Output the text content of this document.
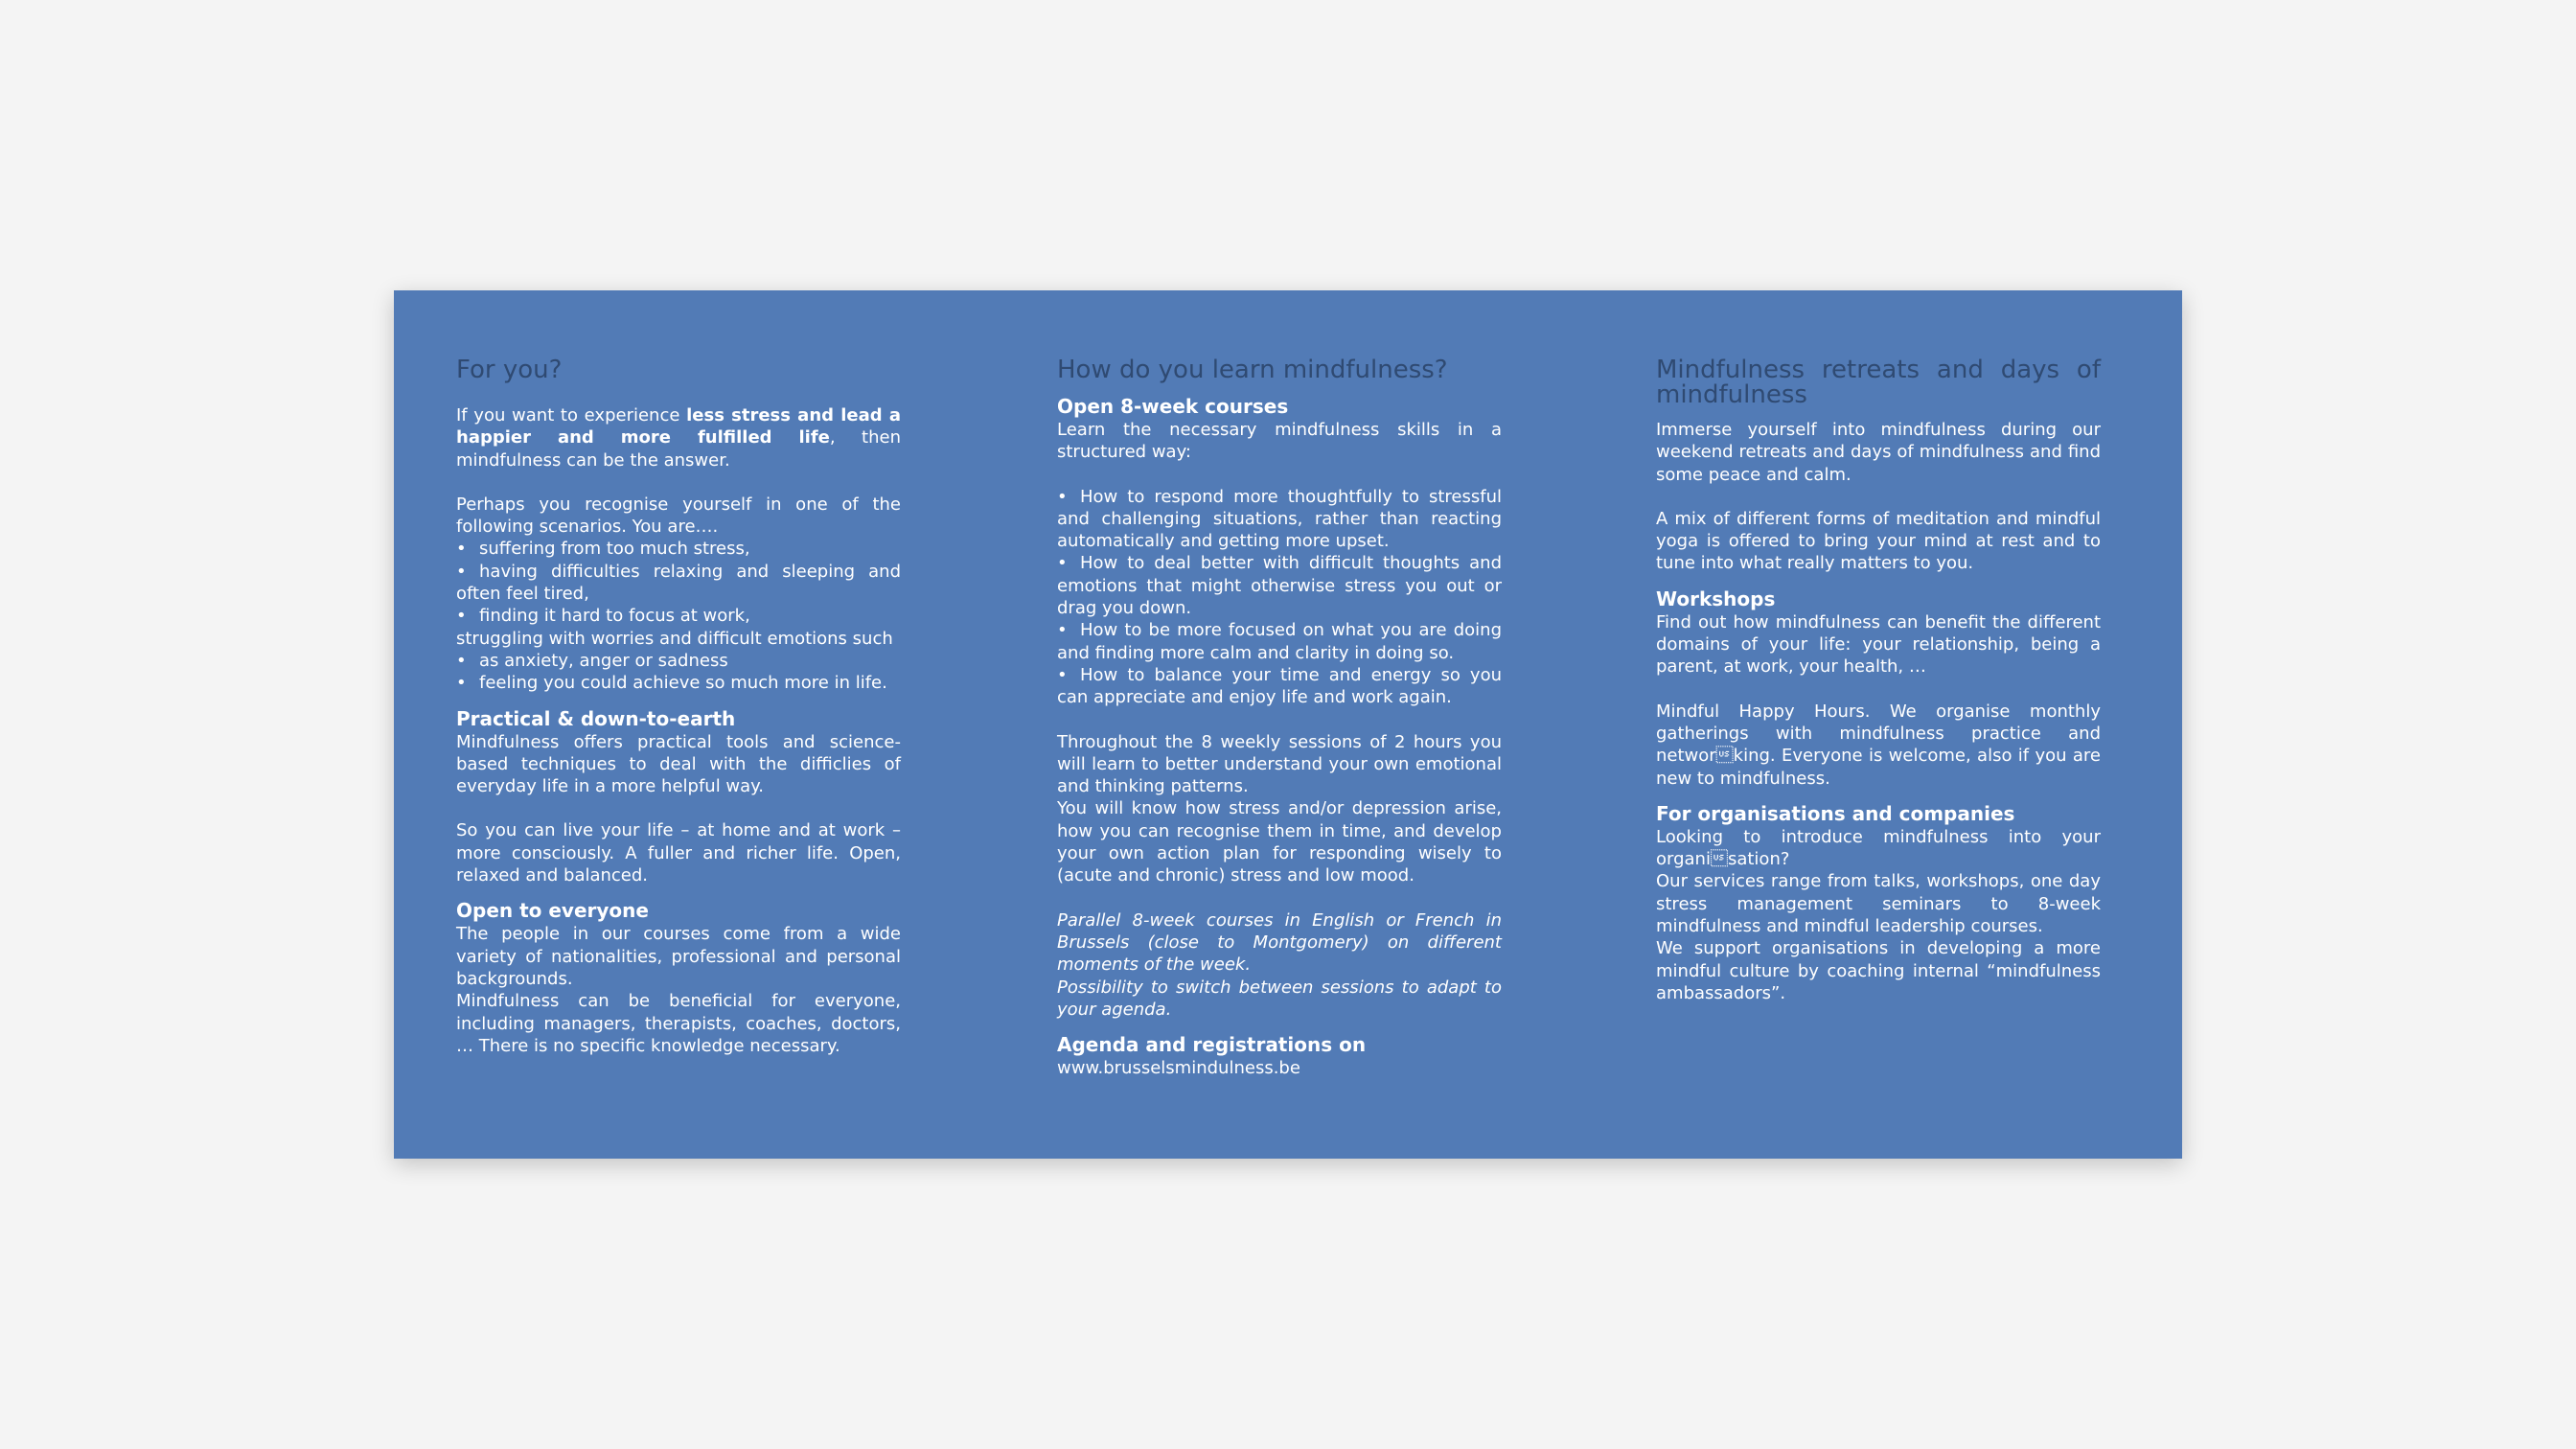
For you?

If you want to experience less stress and lead a happier and more fulfilled life, then mindfulness can be the answer.

Perhaps you recognise yourself in one of the following scenarios. You are….

• suffering from too much stress,

• having difficulties relaxing and sleeping and often feel tired,

• finding it hard to focus at work,

struggling with worries and difficult emotions such

• as anxiety, anger or sadness

• feeling you could achieve so much more in life.

Practical & down-to-earth

Mindfulness offers practical tools and science-based techniques to deal with the difficlies of everyday life in a more helpful way.

So you can live your life – at home and at work – more consciously. A fuller and richer life. Open, relaxed and balanced.

Open to everyone

The people in our courses come from a wide variety of nationalities, professional and personal backgrounds.

Mindfulness can be beneficial for everyone, including managers, therapists, coaches, doctors, … There is no specific knowledge necessary.

How do you learn mindfulness?
Open 8-week courses

Learn the necessary mindfulness skills in a structured way:

• How to respond more thoughtfully to stressful and challenging situations, rather than reacting automatically and getting more upset.

• How to deal better with difficult thoughts and emotions that might otherwise stress you out or drag you down.

• How to be more focused on what you are doing and finding more calm and clarity in doing so.

• How to balance your time and energy so you can appreciate and enjoy life and work again.

Throughout the 8 weekly sessions of 2 hours you will learn to better understand your own emotional and thinking patterns.

You will know how stress and/or depression arise, how you can recognise them in time, and develop your own action plan for responding wisely to (acute and chronic) stress and low mood.

Parallel 8-week courses in English or French in Brussels (close to Montgomery) on different moments of the week.

Possibility to switch between sessions to adapt to your agenda.

Agenda and registrations on

www.brusselsmindulness.be

Mindfulness retreats and days of mindfulness

Immerse yourself into mindfulness during our weekend retreats and days of mindfulness and find some peace and calm.

A mix of different forms of meditation and mindful yoga is offered to bring your mind at rest and to tune into what really matters to you.

Workshops

Find out how mindfulness can benefit the different domains of your life: your relationship, being a parent, at work, your health, …

Mindful Happy Hours. We organise monthly gatherings with mindfulness practice and networking. Everyone is welcome, also if you are new to mindfulness.

For organisations and companies

Looking to introduce mindfulness into your organisation?

Our services range from talks, workshops, one day stress management seminars to 8-week mindfulness and mindful leadership courses.

We support organisations in developing a more mindful culture by coaching internal “mindfulness ambassadors”.
